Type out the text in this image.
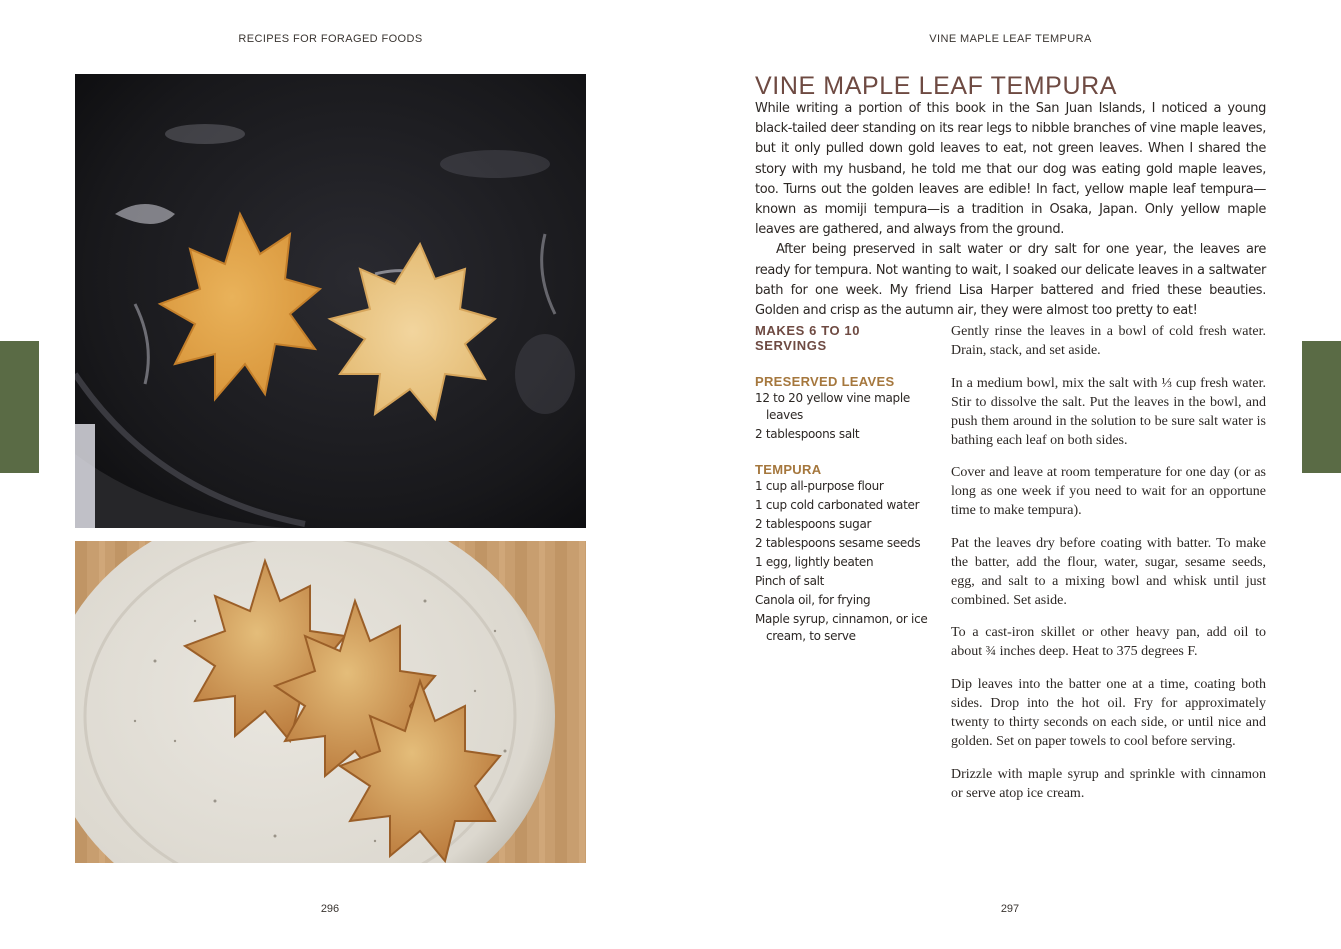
RECIPES FOR FORAGED FOODS	VINE MAPLE LEAF TEMPURA
296	297
VINE MAPLE LEAF TEMPURA

While writing a portion of this book in the San Juan Islands, I noticed a young black-tailed deer standing on its rear legs to nibble branches of vine maple leaves, but it only pulled down gold leaves to eat, not green leaves. When I shared the story with my husband, he told me that our dog was eating gold maple leaves, too. Turns out the golden leaves are edible! In fact, yellow maple leaf tempura—known as momiji tempura—is a tradition in Osaka, Japan. Only yellow maple leaves are gathered, and always from the ground.

After being preserved in salt water or dry salt for one year, the leaves are ready for tempura. Not wanting to wait, I soaked our delicate leaves in a saltwater bath for one week. My friend Lisa Harper battered and fried these beauties. Golden and crisp as the autumn air, they were almost too pretty to eat!

MAKES 6 TO 10 SERVINGS
PRESERVED LEAVES
12 to 20 yellow vine maple leaves
2 tablespoons salt
TEMPURA
1 cup all-purpose flour
1 cup cold carbonated water
2 tablespoons sugar
2 tablespoons sesame seeds
1 egg, lightly beaten
Pinch of salt
Canola oil, for frying
Maple syrup, cinnamon, or ice cream, to serve

Gently rinse the leaves in a bowl of cold fresh water. Drain, stack, and set aside.

In a medium bowl, mix the salt with ⅓ cup fresh water. Stir to dissolve the salt. Put the leaves in the bowl, and push them around in the solution to be sure salt water is bathing each leaf on both sides.

Cover and leave at room temperature for one day (or as long as one week if you need to wait for an opportune time to make tempura).

Pat the leaves dry before coating with batter. To make the batter, add the flour, water, sugar, sesame seeds, egg, and salt to a mixing bowl and whisk until just combined. Set aside.

To a cast-iron skillet or other heavy pan, add oil to about ¾ inches deep. Heat to 375 degrees F.

Dip leaves into the batter one at a time, coating both sides. Drop into the hot oil. Fry for approximately twenty to thirty seconds on each side, or until nice and golden. Set on paper towels to cool before serving.

Drizzle with maple syrup and sprinkle with cinnamon or serve atop ice cream.
